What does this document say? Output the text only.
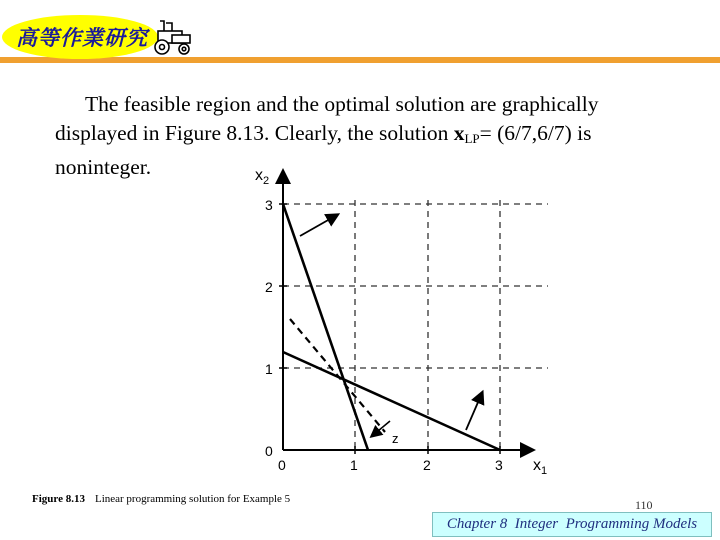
高等作業研究
The feasible region and the optimal solution are graphically
displayed in Figure 8.13. Clearly, the solution $x_{LP}= (6/7,6/7)$ is
noninteger.	$x_2$
$x_1$
0
1
2
3
0	1	2	3
z
Figure 8.13 Linear programming solution for Example 5	110
Chapter 8  Integer  Programming Models
